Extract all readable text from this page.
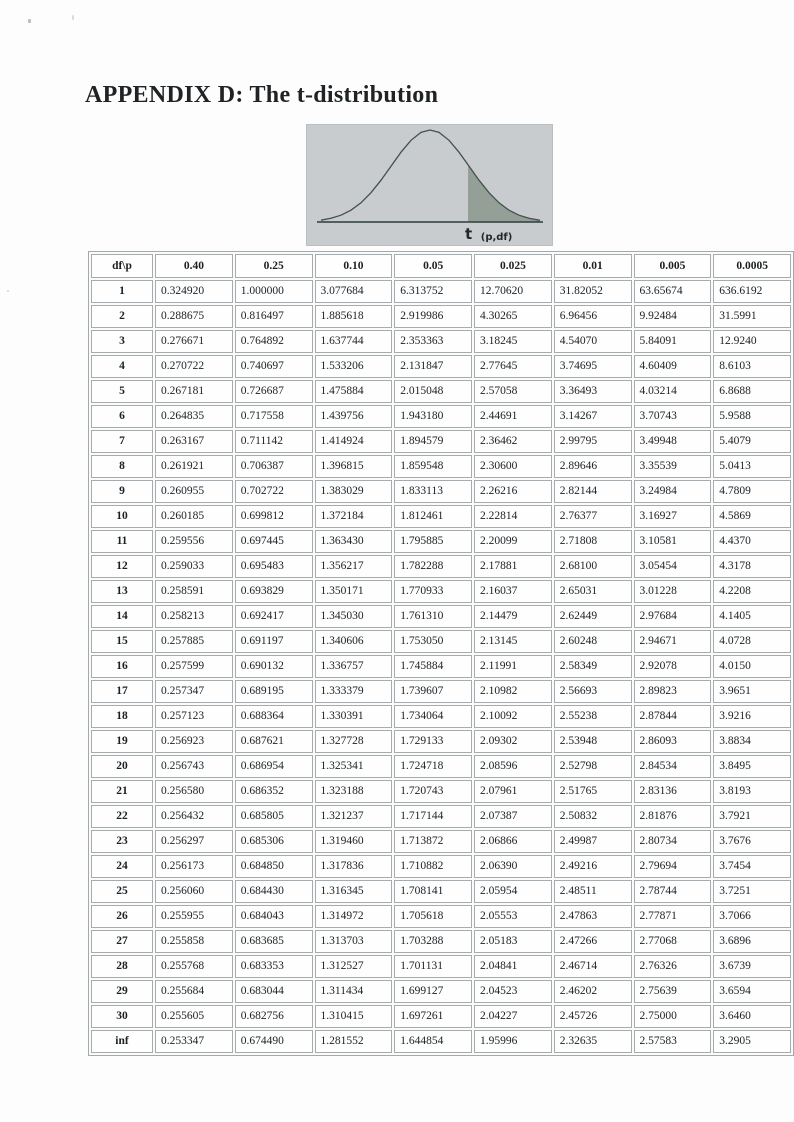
APPENDIX D: The t-distribution
t (p,df)
df\p	0.40	0.25	0.10	0.05	0.025	0.01	0.005	0.0005
1	0.324920	1.000000	3.077684	6.313752	12.70620	31.82052	63.65674	636.6192
2	0.288675	0.816497	1.885618	2.919986	4.30265	6.96456	9.92484	31.5991
3	0.276671	0.764892	1.637744	2.353363	3.18245	4.54070	5.84091	12.9240
4	0.270722	0.740697	1.533206	2.131847	2.77645	3.74695	4.60409	8.6103
5	0.267181	0.726687	1.475884	2.015048	2.57058	3.36493	4.03214	6.8688
6	0.264835	0.717558	1.439756	1.943180	2.44691	3.14267	3.70743	5.9588
7	0.263167	0.711142	1.414924	1.894579	2.36462	2.99795	3.49948	5.4079
8	0.261921	0.706387	1.396815	1.859548	2.30600	2.89646	3.35539	5.0413
9	0.260955	0.702722	1.383029	1.833113	2.26216	2.82144	3.24984	4.7809
10	0.260185	0.699812	1.372184	1.812461	2.22814	2.76377	3.16927	4.5869
11	0.259556	0.697445	1.363430	1.795885	2.20099	2.71808	3.10581	4.4370
12	0.259033	0.695483	1.356217	1.782288	2.17881	2.68100	3.05454	4.3178
13	0.258591	0.693829	1.350171	1.770933	2.16037	2.65031	3.01228	4.2208
14	0.258213	0.692417	1.345030	1.761310	2.14479	2.62449	2.97684	4.1405
15	0.257885	0.691197	1.340606	1.753050	2.13145	2.60248	2.94671	4.0728
16	0.257599	0.690132	1.336757	1.745884	2.11991	2.58349	2.92078	4.0150
17	0.257347	0.689195	1.333379	1.739607	2.10982	2.56693	2.89823	3.9651
18	0.257123	0.688364	1.330391	1.734064	2.10092	2.55238	2.87844	3.9216
19	0.256923	0.687621	1.327728	1.729133	2.09302	2.53948	2.86093	3.8834
20	0.256743	0.686954	1.325341	1.724718	2.08596	2.52798	2.84534	3.8495
21	0.256580	0.686352	1.323188	1.720743	2.07961	2.51765	2.83136	3.8193
22	0.256432	0.685805	1.321237	1.717144	2.07387	2.50832	2.81876	3.7921
23	0.256297	0.685306	1.319460	1.713872	2.06866	2.49987	2.80734	3.7676
24	0.256173	0.684850	1.317836	1.710882	2.06390	2.49216	2.79694	3.7454
25	0.256060	0.684430	1.316345	1.708141	2.05954	2.48511	2.78744	3.7251
26	0.255955	0.684043	1.314972	1.705618	2.05553	2.47863	2.77871	3.7066
27	0.255858	0.683685	1.313703	1.703288	2.05183	2.47266	2.77068	3.6896
28	0.255768	0.683353	1.312527	1.701131	2.04841	2.46714	2.76326	3.6739
29	0.255684	0.683044	1.311434	1.699127	2.04523	2.46202	2.75639	3.6594
30	0.255605	0.682756	1.310415	1.697261	2.04227	2.45726	2.75000	3.6460
inf	0.253347	0.674490	1.281552	1.644854	1.95996	2.32635	2.57583	3.2905
